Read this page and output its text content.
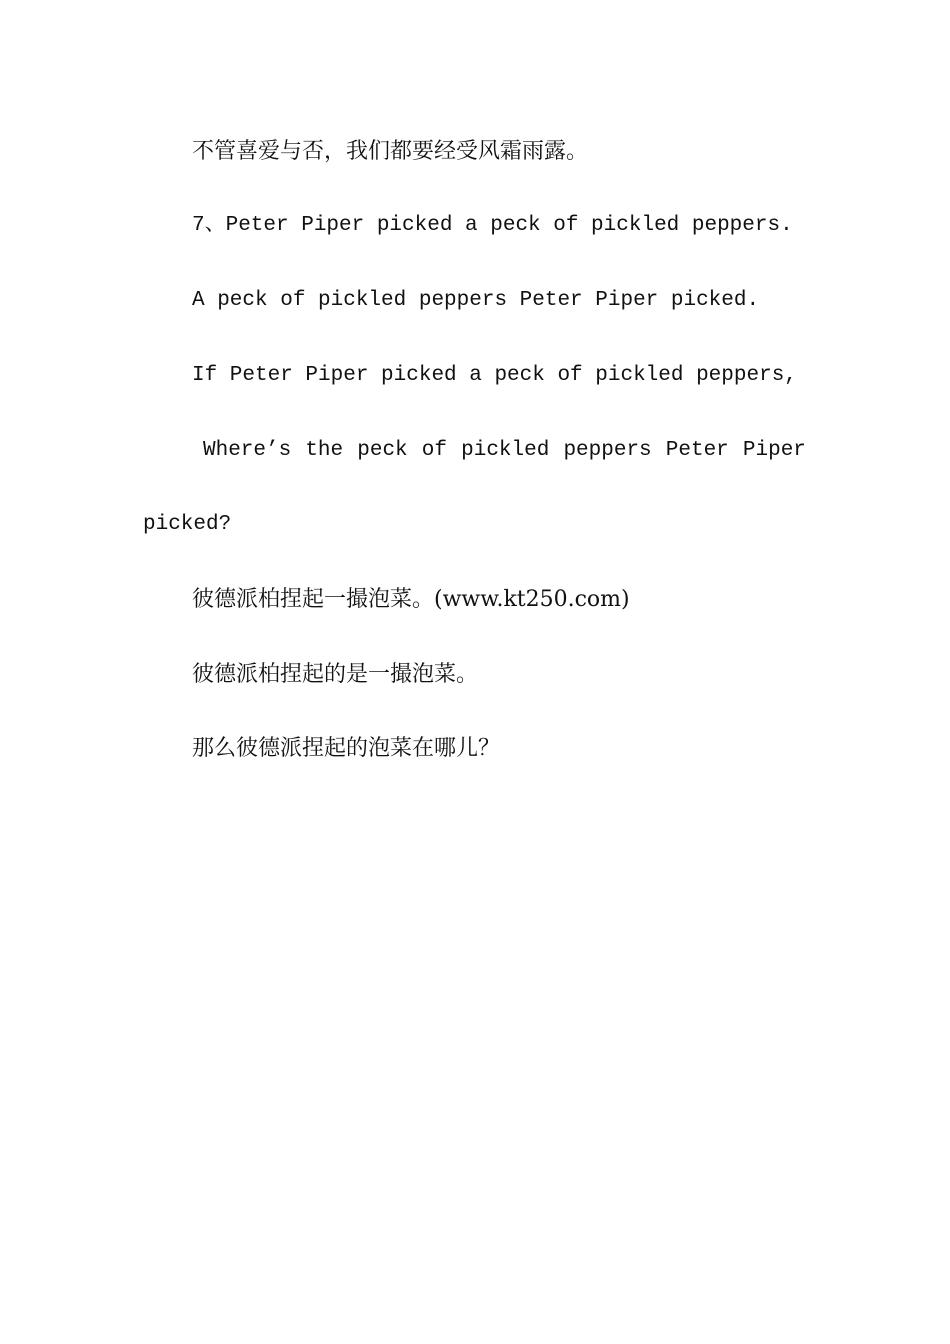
不管喜爱与否，我们都要经受风霜雨露。
7、Peter Piper picked a peck of pickled peppers.
A peck of pickled peppers Peter Piper picked.
If Peter Piper picked a peck of pickled peppers,
Where’s the peck of pickled peppers Peter Piper
picked?
彼德派柏捏起一撮泡菜。(www.kt250.com)
彼德派柏捏起的是一撮泡菜。
那么彼德派捏起的泡菜在哪儿？
